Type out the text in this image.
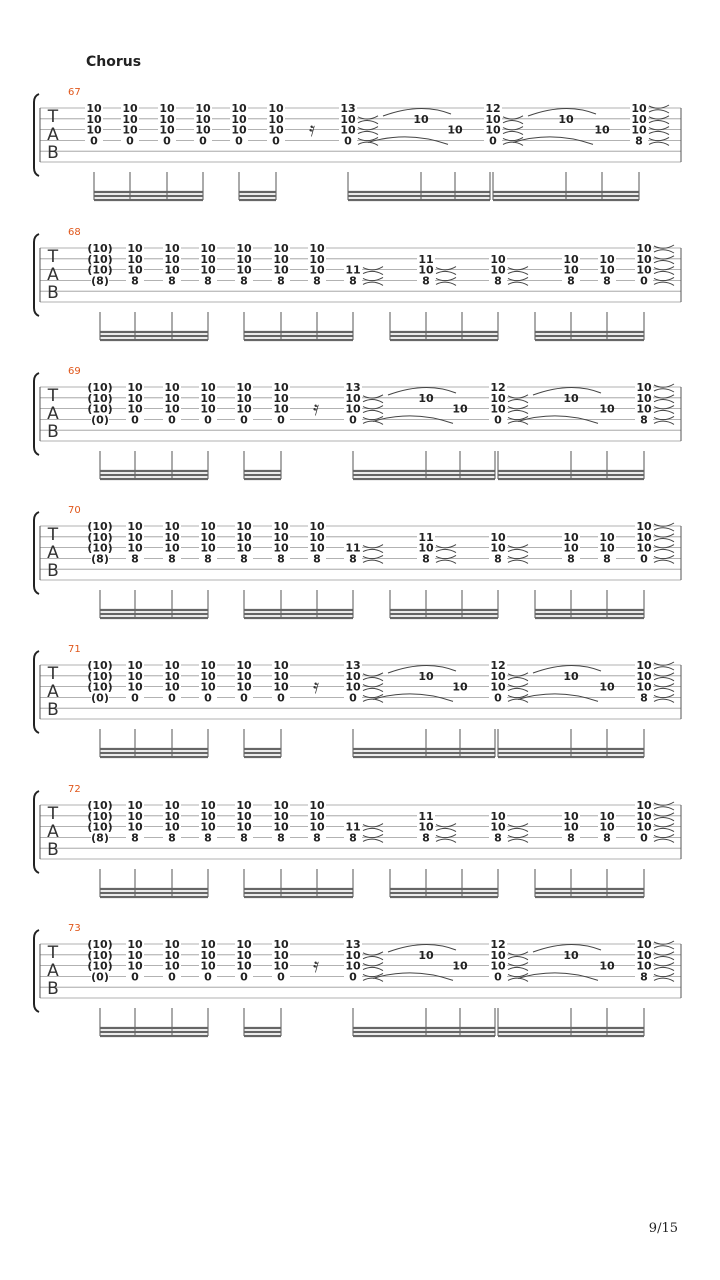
Chorus
T
A
B
67
10
10
10
0
10
10
10
0
10
10
10
0
10
10
10
0
10
10
10
0
10
10
10
0 𝄿
13
10
10
0
10
10
12
10
10
0
10
10
10
10
10
8
T
A
B
68
(10)
(10)
(10)
(8)
10
10
10
8
10
10
10
8
10
10
10
8
10
10
10
8
10
10
10
8
10
10
10
8
11
8
11
10
8
10
10
8
10
10
8
10
10
8
10
10
10
0
T
A
B
69
(10)
(10)
(10)
(0)
10
10
10
0
10
10
10
0
10
10
10
0
10
10
10
0
10
10
10
0 𝄿
13
10
10
0
10
10
12
10
10
0
10
10
10
10
10
8
T
A
B
70
(10)
(10)
(10)
(8)
10
10
10
8
10
10
10
8
10
10
10
8
10
10
10
8
10
10
10
8
10
10
10
8
11
8
11
10
8
10
10
8
10
10
8
10
10
8
10
10
10
0
T
A
B
71
(10)
(10)
(10)
(0)
10
10
10
0
10
10
10
0
10
10
10
0
10
10
10
0
10
10
10
0 𝄿
13
10
10
0
10
10
12
10
10
0
10
10
10
10
10
8
T
A
B
72
(10)
(10)
(10)
(8)
10
10
10
8
10
10
10
8
10
10
10
8
10
10
10
8
10
10
10
8
10
10
10
8
11
8
11
10
8
10
10
8
10
10
8
10
10
8
10
10
10
0
T
A
B
73
(10)
(10)
(10)
(0)
10
10
10
0
10
10
10
0
10
10
10
0
10
10
10
0
10
10
10
0 𝄿
13
10
10
0
10
10
12
10
10
0
10
10
10
10
10
8
9/15
